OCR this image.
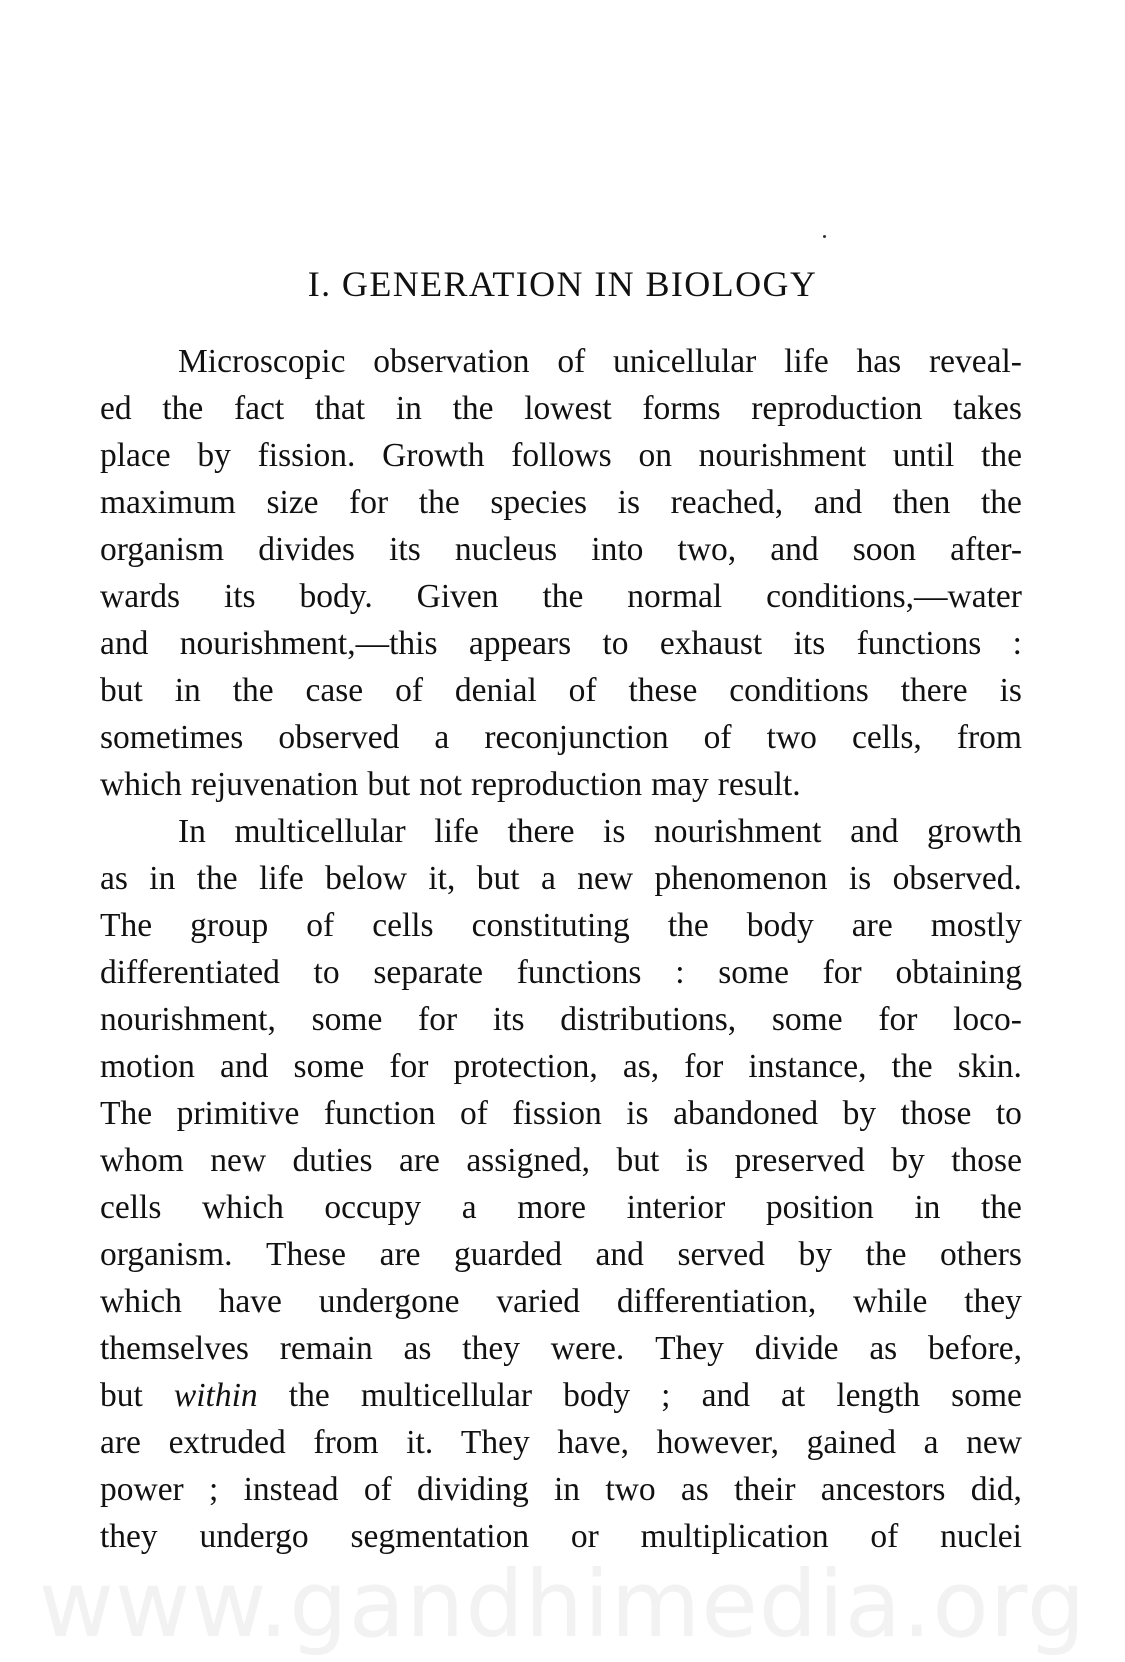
I. GENERATION IN BIOLOGY
Microscopic observation of unicellular life has reveal-
ed the fact that in the lowest forms reproduction takes
place by fission. Growth follows on nourishment until the
maximum size for the species is reached, and then the
organism divides its nucleus into two, and soon after-
wards its body. Given the normal conditions,—water
and nourishment,—this appears to exhaust its functions :
but in the case of denial of these conditions there is
sometimes observed a reconjunction of two cells, from
which rejuvenation but not reproduction may result.
In multicellular life there is nourishment and growth
as in the life below it, but a new phenomenon is observed.
The group of cells constituting the body are mostly
differentiated to separate functions : some for obtaining
nourishment, some for its distributions, some for loco-
motion and some for protection, as, for instance, the skin.
The primitive function of fission is abandoned by those to
whom new duties are assigned, but is preserved by those
cells which occupy a more interior position in the
organism. These are guarded and served by the others
which have undergone varied differentiation, while they
themselves remain as they were. They divide as before,
but within the multicellular body ; and at length some
are extruded from it. They have, however, gained a new
power ; instead of dividing in two as their ancestors did,
they undergo segmentation or multiplication of nuclei
www.gandhimedia.org
